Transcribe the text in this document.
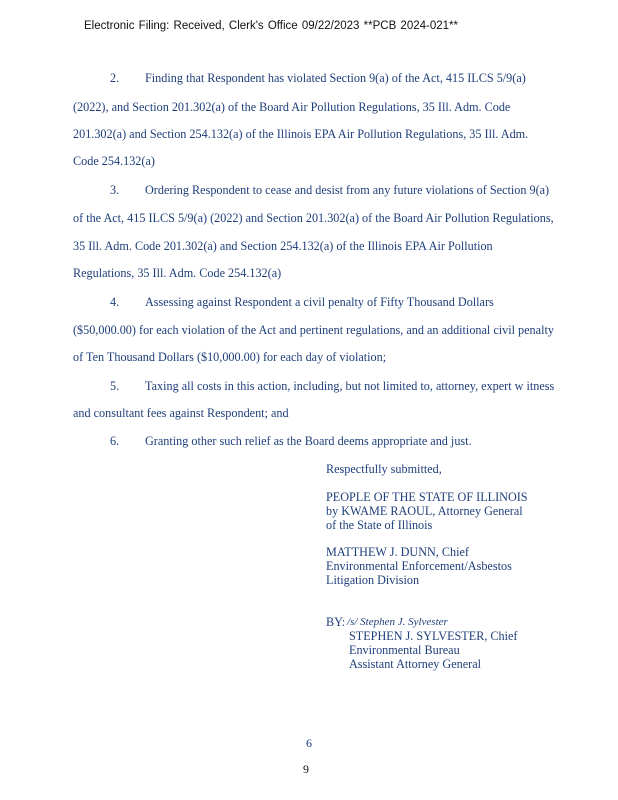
Electronic Filing: Received, Clerk's Office 09/22/2023 **PCB 2024-021**
2. Finding that Respondent has violated Section 9(a) of the Act, 415 ILCS 5/9(a)
(2022), and Section 201.302(a) of the Board Air Pollution Regulations, 35 Ill. Adm. Code
201.302(a) and Section 254.132(a) of the Illinois EPA Air Pollution Regulations, 35 Ill. Adm.
Code 254.132(a)
3. Ordering Respondent to cease and desist from any future violations of Section 9(a)
of the Act, 415 ILCS 5/9(a) (2022) and Section 201.302(a) of the Board Air Pollution Regulations,
35 Ill. Adm. Code 201.302(a) and Section 254.132(a) of the Illinois EPA Air Pollution
Regulations, 35 Ill. Adm. Code 254.132(a)
4. Assessing against Respondent a civil penalty of Fifty Thousand Dollars
($50,000.00) for each violation of the Act and pertinent regulations, and an additional civil penalty
of Ten Thousand Dollars ($10,000.00) for each day of violation;
5. Taxing all costs in this action, including, but not limited to, attorney, expert w itness
and consultant fees against Respondent; and
6. Granting other such relief as the Board deems appropriate and just.
Respectfully submitted,
PEOPLE OF THE STATE OF ILLINOIS
by KWAME RAOUL, Attorney General
of the State of Illinois
MATTHEW J. DUNN, Chief
Environmental Enforcement/Asbestos
Litigation Division
BY: /s/ Stephen J. Sylvester
STEPHEN J. SYLVESTER, Chief
Environmental Bureau
Assistant Attorney General
6
9
